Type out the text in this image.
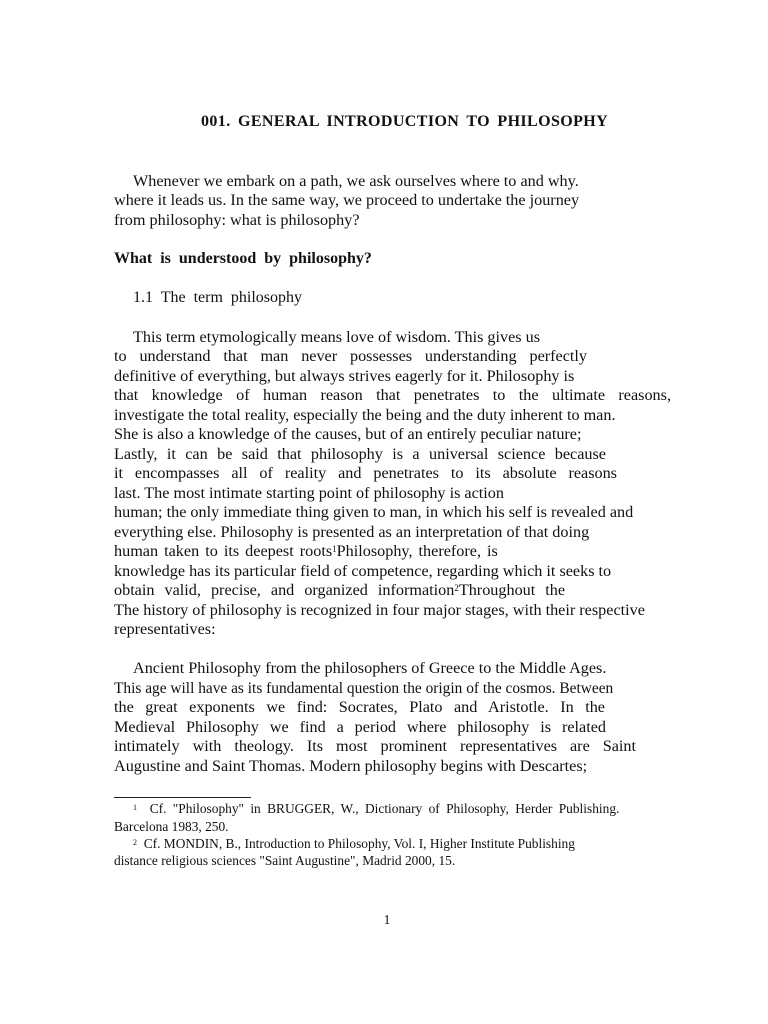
001. GENERAL INTRODUCTION TO PHILOSOPHY
Whenever we embark on a path, we ask ourselves where to and why.
where it leads us. In the same way, we proceed to undertake the journey
from philosophy: what is philosophy?
What is understood by philosophy?
1.1 The term philosophy
This term etymologically means love of wisdom. This gives us
to understand that man never possesses understanding perfectly
definitive of everything, but always strives eagerly for it. Philosophy is
that knowledge of human reason that penetrates to the ultimate reasons,
investigate the total reality, especially the being and the duty inherent to man.
She is also a knowledge of the causes, but of an entirely peculiar nature;
Lastly, it can be said that philosophy is a universal science because
it encompasses all of reality and penetrates to its absolute reasons
last. The most intimate starting point of philosophy is action
human; the only immediate thing given to man, in which his self is revealed and
everything else. Philosophy is presented as an interpretation of that doing
human taken to its deepest roots$^1$Philosophy, therefore, is
knowledge has its particular field of competence, regarding which it seeks to
obtain valid, precise, and organized information$^2$Throughout the
The history of philosophy is recognized in four major stages, with their respective
representatives:
Ancient Philosophy from the philosophers of Greece to the Middle Ages.
This age will have as its fundamental question the origin of the cosmos. Between
the great exponents we find: Socrates, Plato and Aristotle. In the
Medieval Philosophy we find a period where philosophy is related
intimately with theology. Its most prominent representatives are Saint
Augustine and Saint Thomas. Modern philosophy begins with Descartes;
$^1$ Cf. "Philosophy" in BRUGGER, W., Dictionary of Philosophy, Herder Publishing.
Barcelona 1983, 250.
$^2$ Cf. MONDIN, B., Introduction to Philosophy, Vol. I, Higher Institute Publishing
distance religious sciences "Saint Augustine", Madrid 2000, 15.
1
